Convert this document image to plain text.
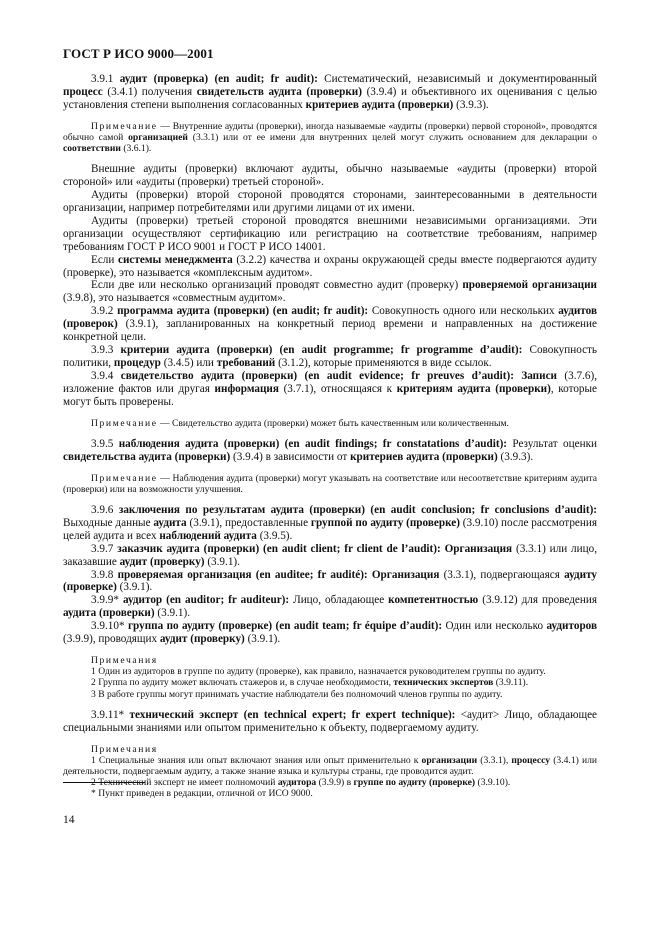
ГОСТ Р ИСО 9000—2001

3.9.1 аудит (проверка) (en audit; fr audit): Систематический, независимый и документированный процесс (3.4.1) получения свидетельств аудита (проверки) (3.9.4) и объективного их оценивания с целью установления степени выполнения согласованных критериев аудита (проверки) (3.9.3).

Примечание — Внутренние аудиты (проверки), иногда называемые «аудиты (проверки) первой стороной», проводятся обычно самой организацией (3.3.1) или от ее имени для внутренних целей могут служить основанием для декларации о соответствии (3.6.1).

Внешние аудиты (проверки) включают аудиты, обычно называемые «аудиты (проверки) второй стороной» или «аудиты (проверки) третьей стороной».

Аудиты (проверки) второй стороной проводятся сторонами, заинтересованными в деятельности организации, например потребителями или другими лицами от их имени.

Аудиты (проверки) третьей стороной проводятся внешними независимыми организациями. Эти организации осуществляют сертификацию или регистрацию на соответствие требованиям, например требованиям ГОСТ Р ИСО 9001 и ГОСТ Р ИСО 14001.

Если системы менеджмента (3.2.2) качества и охраны окружающей среды вместе подвергаются аудиту (проверке), это называется «комплексным аудитом».

Если две или несколько организаций проводят совместно аудит (проверку) проверяемой организации (3.9.8), это называется «совместным аудитом».

3.9.2 программа аудита (проверки) (en audit; fr audit): Совокупность одного или нескольких аудитов (проверок) (3.9.1), запланированных на конкретный период времени и направленных на достижение конкретной цели.

3.9.3 критерии аудита (проверки) (en audit programme; fr programme d’audit): Совокупность политики, процедур (3.4.5) или требований (3.1.2), которые применяются в виде ссылок.

3.9.4 свидетельство аудита (проверки) (en audit evidence; fr preuves d’audit): Записи (3.7.6), изложение фактов или другая информация (3.7.1), относящаяся к критериям аудита (проверки), которые могут быть проверены.

Примечание — Свидетельство аудита (проверки) может быть качественным или количественным.

3.9.5 наблюдения аудита (проверки) (en audit findings; fr constatations d’audit): Результат оценки свидетельства аудита (проверки) (3.9.4) в зависимости от критериев аудита (проверки) (3.9.3).

Примечание — Наблюдения аудита (проверки) могут указывать на соответствие или несоответствие критериям аудита (проверки) или на возможности улучшения.

3.9.6 заключения по результатам аудита (проверки) (en audit conclusion; fr conclusions d’audit): Выходные данные аудита (3.9.1), предоставленные группой по аудиту (проверке) (3.9.10) после рассмотрения целей аудита и всех наблюдений аудита (3.9.5).

3.9.7 заказчик аудита (проверки) (en audit client; fr client de l’audit): Организация (3.3.1) или лицо, заказавшие аудит (проверку) (3.9.1).

3.9.8 проверяемая организация (en auditee; fr audité): Организация (3.3.1), подвергающаяся аудиту (проверке) (3.9.1).

3.9.9* аудитор (en auditor; fr auditeur): Лицо, обладающее компетентностью (3.9.12) для проведения аудита (проверки) (3.9.1).

3.9.10* группа по аудиту (проверке) (en audit team; fr équipe d’audit): Один или несколько аудиторов (3.9.9), проводящих аудит (проверку) (3.9.1).

Примечания

1 Один из аудиторов в группе по аудиту (проверке), как правило, назначается руководителем группы по аудиту.

2 Группа по аудиту может включать стажеров и, в случае необходимости, технических экспертов (3.9.11).

3 В работе группы могут принимать участие наблюдатели без полномочий членов группы по аудиту.

3.9.11* технический эксперт (en technical expert; fr expert technique): <аудит> Лицо, обладающее специальными знаниями или опытом применительно к объекту, подвергаемому аудиту.

Примечания

1 Специальные знания или опыт включают знания или опыт применительно к организации (3.3.1), процессу (3.4.1) или деятельности, подвергаемым аудиту, а также знание языка и культуры страны, где проводится аудит.

2 Технический эксперт не имеет полномочий аудитора (3.9.9) в группе по аудиту (проверке) (3.9.10).

* Пункт приведен в редакции, отличной от ИСО 9000.
14
